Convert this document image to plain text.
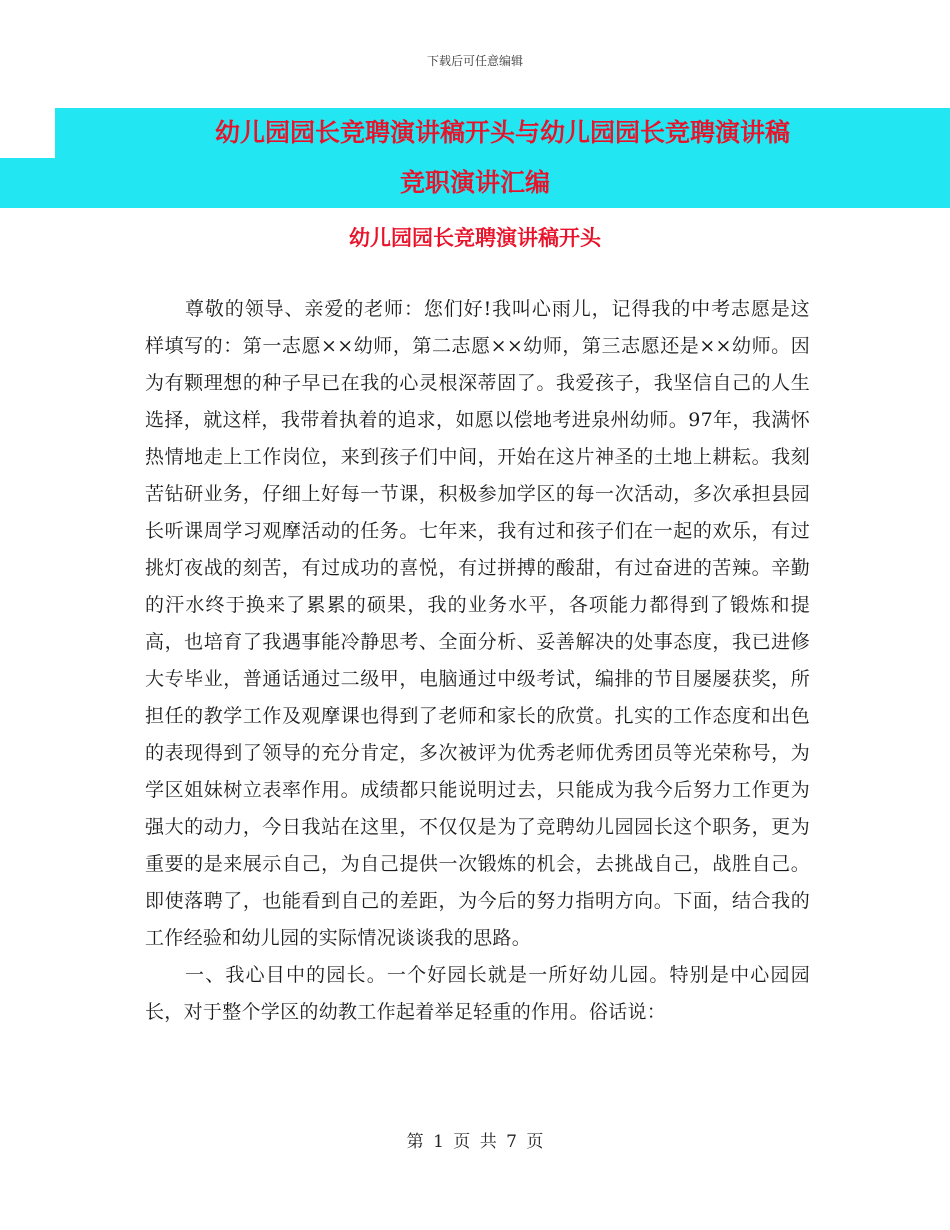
下载后可任意编辑
幼儿园园长竞聘演讲稿开头与幼儿园园长竞聘演讲稿
竞职演讲汇编
幼儿园园长竞聘演讲稿开头

尊敬的领导、亲爱的老师：您们好!我叫心雨儿，记得我的中考志愿是这样填写的：第一志愿××幼师，第二志愿××幼师，第三志愿还是××幼师。因为有颗理想的种子早已在我的心灵根深蒂固了。我爱孩子，我坚信自己的人生选择，就这样，我带着执着的追求，如愿以偿地考进泉州幼师。97年，我满怀热情地走上工作岗位，来到孩子们中间，开始在这片神圣的土地上耕耘。我刻苦钻研业务，仔细上好每一节课，积极参加学区的每一次活动，多次承担县园长听课周学习观摩活动的任务。七年来，我有过和孩子们在一起的欢乐，有过挑灯夜战的刻苦，有过成功的喜悦，有过拼搏的酸甜，有过奋进的苦辣。辛勤的汗水终于换来了累累的硕果，我的业务水平，各项能力都得到了锻炼和提高，也培育了我遇事能冷静思考、全面分析、妥善解决的处事态度，我已进修大专毕业，普通话通过二级甲，电脑通过中级考试，编排的节目屡屡获奖，所担任的教学工作及观摩课也得到了老师和家长的欣赏。扎实的工作态度和出色的表现得到了领导的充分肯定，多次被评为优秀老师优秀团员等光荣称号，为学区姐妹树立表率作用。成绩都只能说明过去，只能成为我今后努力工作更为强大的动力，今日我站在这里，不仅仅是为了竞聘幼儿园园长这个职务，更为重要的是来展示自己，为自己提供一次锻炼的机会，去挑战自己，战胜自己。即使落聘了，也能看到自己的差距，为今后的努力指明方向。下面，结合我的工作经验和幼儿园的实际情况谈谈我的思路。

一、我心目中的园长。一个好园长就是一所好幼儿园。特别是中心园园长，对于整个学区的幼教工作起着举足轻重的作用。俗话说：

第 1 页 共 7 页
